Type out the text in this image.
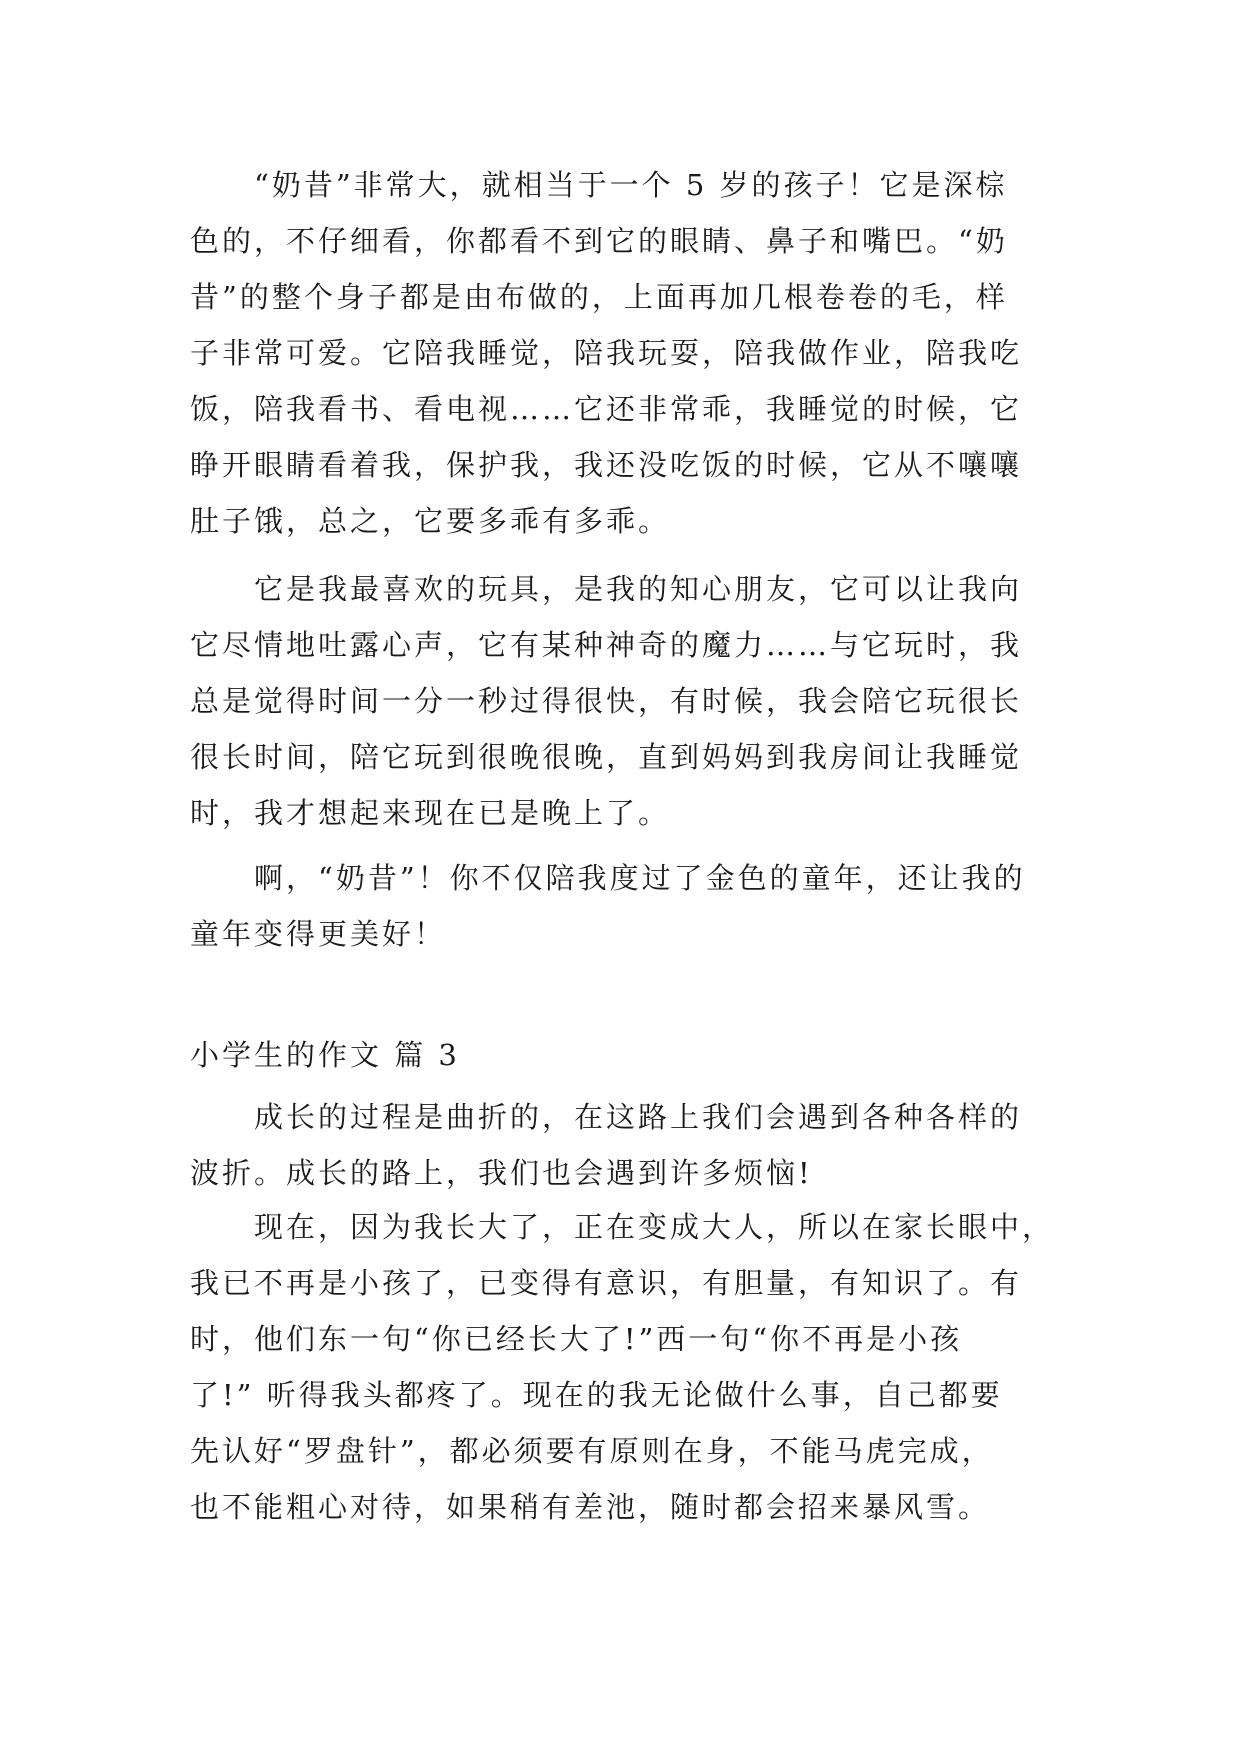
“奶昔”非常大，就相当于一个 5 岁的孩子！它是深棕
色的，不仔细看，你都看不到它的眼睛、鼻子和嘴巴。“奶
昔”的整个身子都是由布做的，上面再加几根卷卷的毛，样
子非常可爱。它陪我睡觉，陪我玩耍，陪我做作业，陪我吃
饭，陪我看书、看电视……它还非常乖，我睡觉的时候，它
睁开眼睛看着我，保护我，我还没吃饭的时候，它从不嚷嚷
肚子饿，总之，它要多乖有多乖。
它是我最喜欢的玩具，是我的知心朋友，它可以让我向
它尽情地吐露心声，它有某种神奇的魔力……与它玩时，我
总是觉得时间一分一秒过得很快，有时候，我会陪它玩很长
很长时间，陪它玩到很晚很晚，直到妈妈到我房间让我睡觉
时，我才想起来现在已是晚上了。
啊，“奶昔”！你不仅陪我度过了金色的童年，还让我的
童年变得更美好！
小学生的作文 篇 3
成长的过程是曲折的，在这路上我们会遇到各种各样的
波折。成长的路上，我们也会遇到许多烦恼!
现在，因为我长大了，正在变成大人，所以在家长眼中，
我已不再是小孩了，已变得有意识，有胆量，有知识了。有
时，他们东一句“你已经长大了!”西一句“你不再是小孩
了!” 听得我头都疼了。现在的我无论做什么事，自己都要
先认好“罗盘针”，都必须要有原则在身，不能马虎完成，
也不能粗心对待，如果稍有差池，随时都会招来暴风雪。
